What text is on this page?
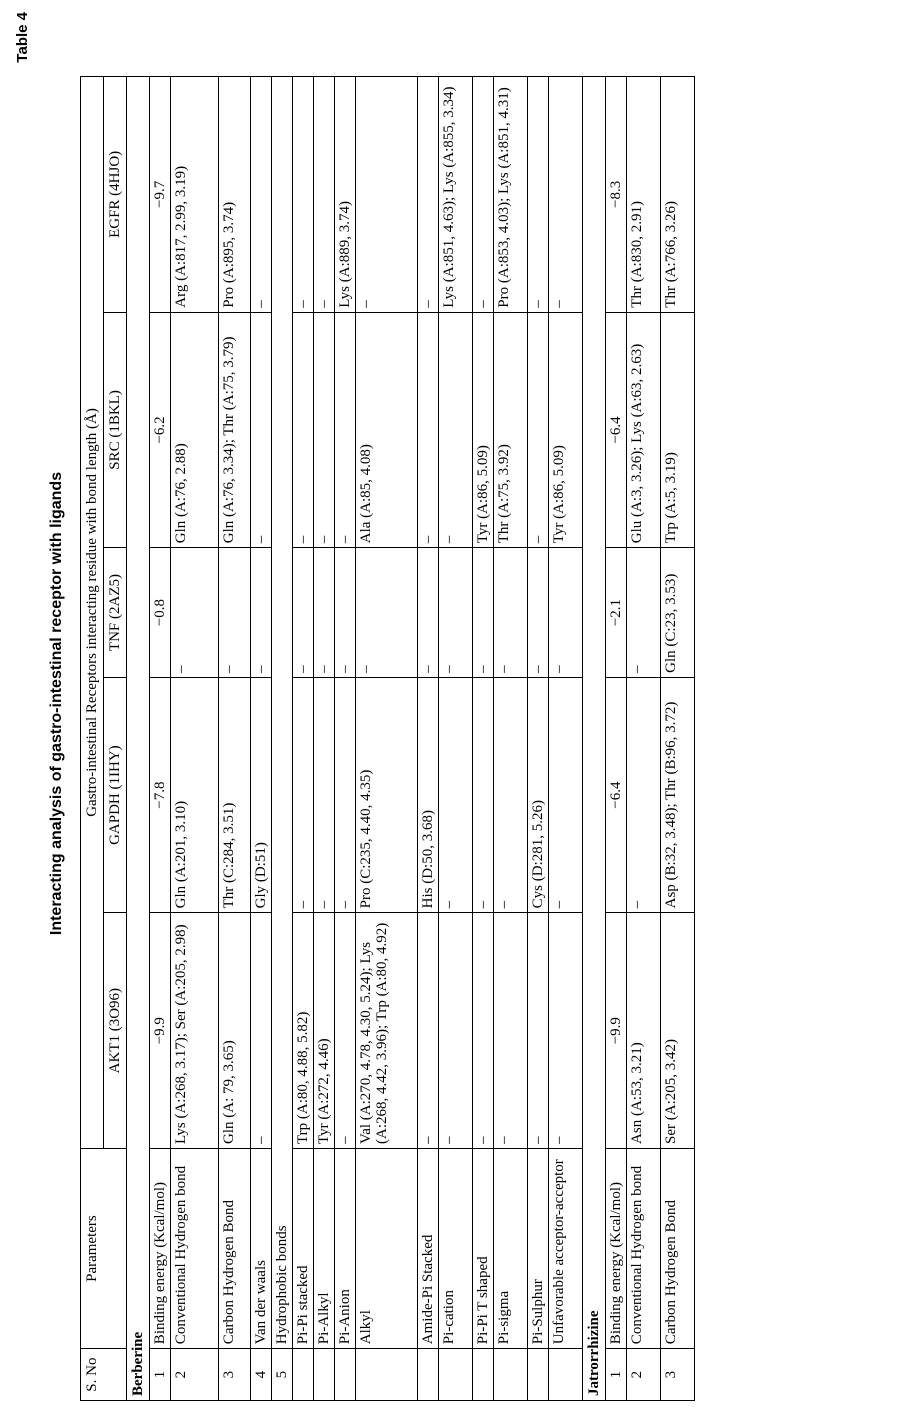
Table 4
Interacting analysis of gastro-intestinal receptor with ligands
S. No	Parameters	Gastro-intestinal Receptors interacting residue with bond length (Å)				
		AKT1 (3O96)	GAPDH (1IHY)	TNF (2AZ5)	SRC (1BKL)	EGFR (4HJO)
Berberine						
1	Binding energy (Kcal/mol)	−9.9	−7.8	−0.8	−6.2	−9.7
2	Conventional Hydrogen bond	Lys (A:268, 3.17); Ser (A:205, 2.98)	Gln (A:201, 3.10)	–	Gln (A:76, 2.88)	Arg (A:817, 2.99, 3.19)
3	Carbon Hydrogen Bond	Gln (A: 79, 3.65)	Thr (C:284, 3.51)	–	Gln (A:76, 3.34); Thr (A:75, 3.79)	Pro (A:895, 3.74)
4	Van der waals	–	Gly (D:51)	–	–	–
5	Hydrophobic bonds					
	Pi-Pi stacked	Trp (A:80, 4.88, 5.82)	–	–	–	–
	Pi-Alkyl	Tyr (A:272, 4.46)	–	–	–	–
	Pi-Anion	–	–	–	–	Lys (A:889, 3.74)
	Alkyl	Val (A:270, 4.78, 4.30, 5.24); Lys (A:268, 4.42, 3.96); Trp (A:80, 4.92)	Pro (C:235, 4.40, 4.35)	–	Ala (A:85, 4.08)	–
	Amide-Pi Stacked	–	His (D:50, 3.68)	–	–	–
	Pi-cation	–	–	–	–	Lys (A:851, 4.63); Lys (A:855, 3.34)
	Pi-Pi T shaped	–	–	–	Tyr (A:86, 5.09)	–
	Pi-sigma	–	–	–	Thr (A:75, 3.92)	Pro (A:853, 4.03); Lys (A:851, 4.31)
	Pi-Sulphur	–	Cys (D:281, 5.26)	–	–	–
	Unfavorable acceptor-acceptor	–	–	–	Tyr (A:86, 5.09)	–
Jatrorrhizine						
1	Binding energy (Kcal/mol)	−9.9	−6.4	−2.1	−6.4	−8.3
2	Conventional Hydrogen bond	Asn (A:53, 3.21)	–	–	Glu (A:3, 3.26); Lys (A:63, 2.63)	Thr (A:830, 2.91)
3	Carbon Hydrogen Bond	Ser (A:205, 3.42)	Asp (B:32, 3.48); Thr (B:96, 3.72)	Gln (C:23, 3.53)	Trp (A:5, 3.19)	Thr (A:766, 3.26)
